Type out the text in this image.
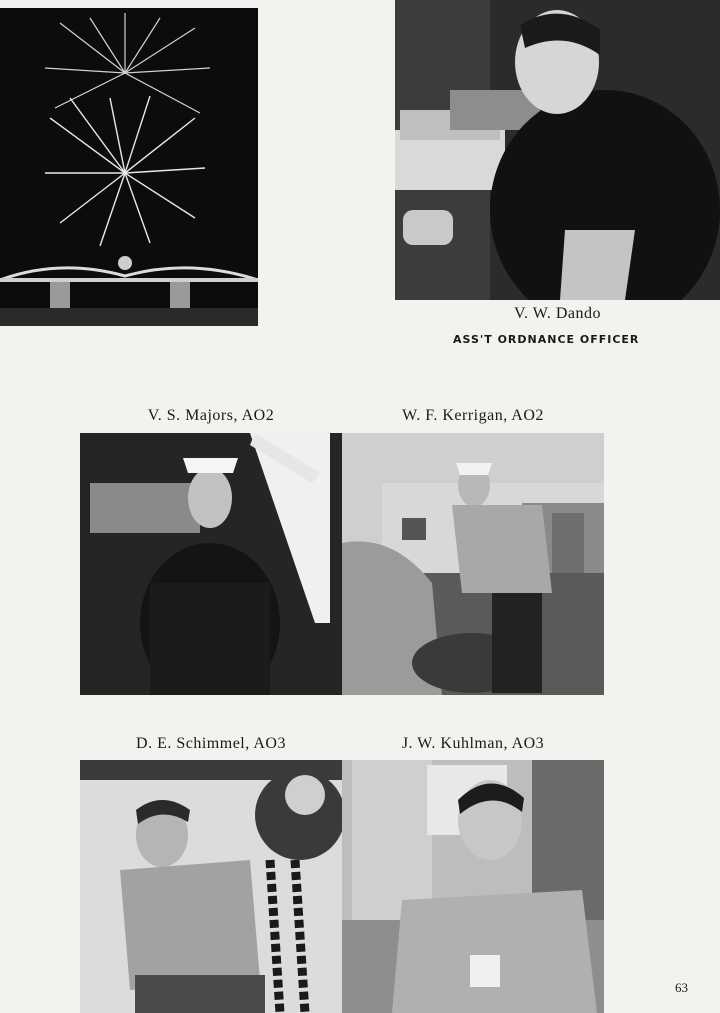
V. W. Dando
ASS'T ORDNANCE OFFICER
V. S. Majors, AO2	W. F. Kerrigan, AO2
D. E. Schimmel, AO3	J. W. Kuhlman, AO3
63
